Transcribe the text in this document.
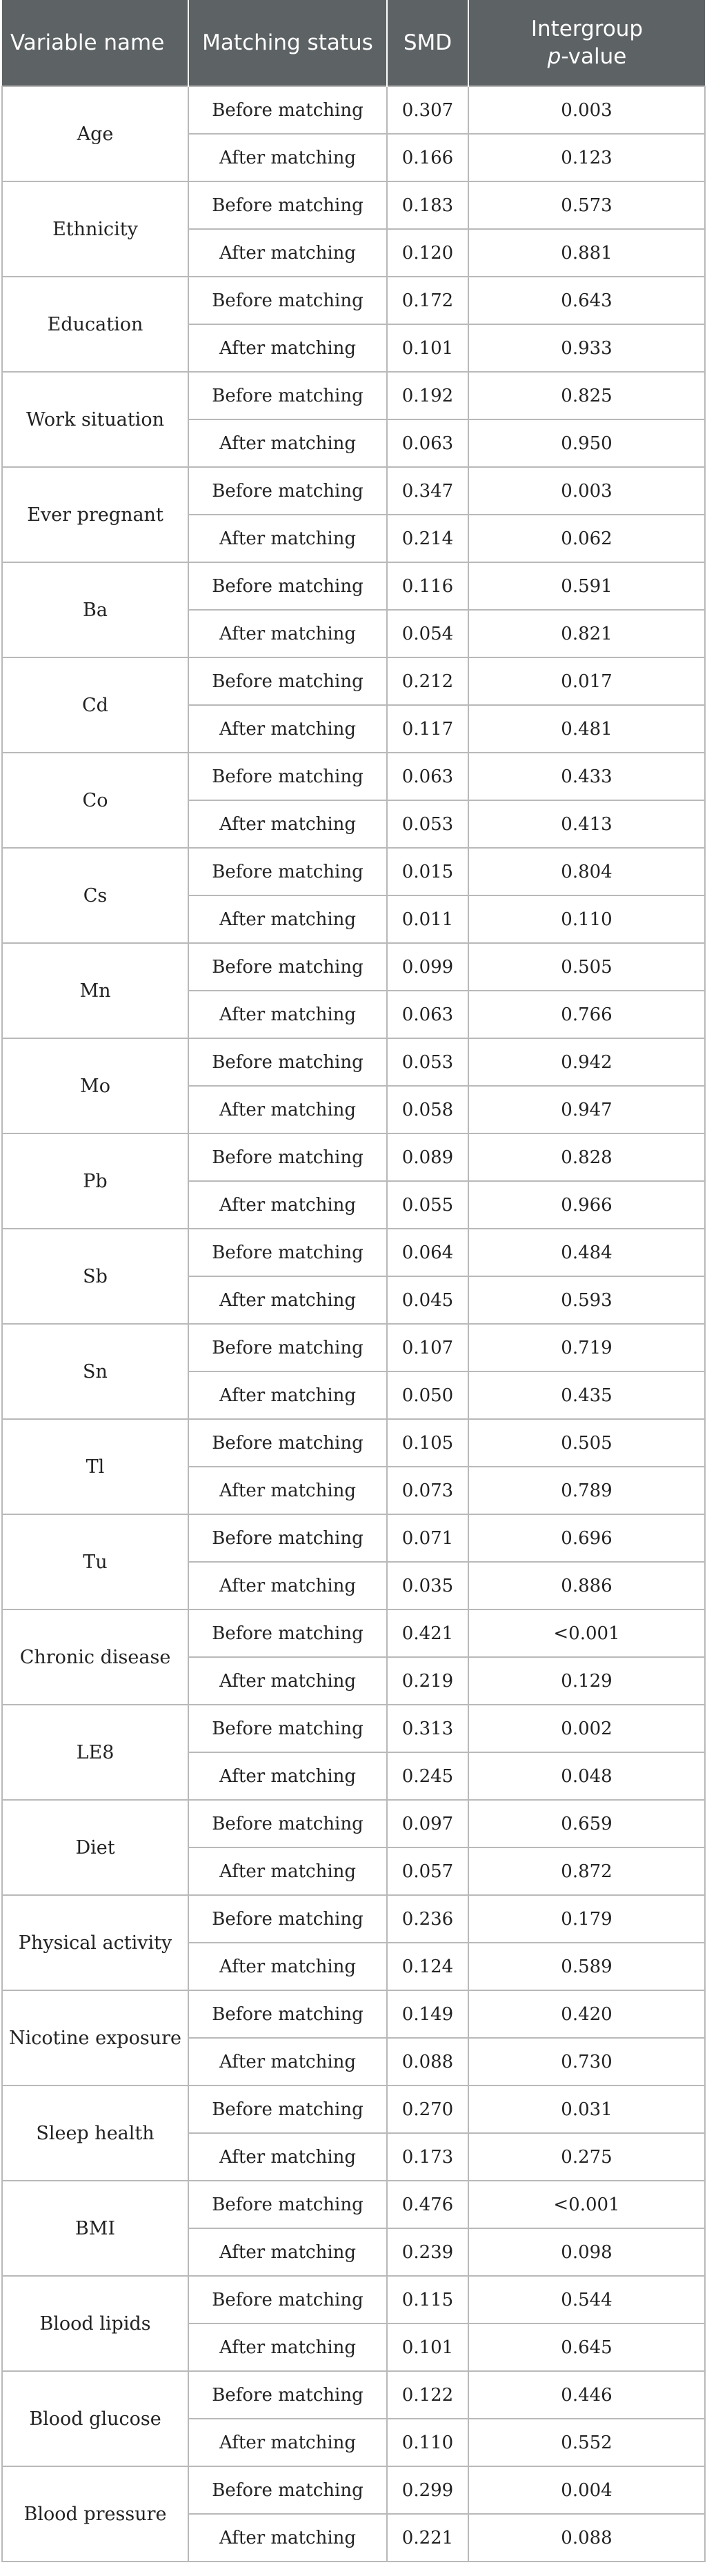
Variable name	Matching status	SMD	Intergroup
p-value
Age	Before matching	0.307	0.003
	After matching	0.166	0.123
Ethnicity	Before matching	0.183	0.573
	After matching	0.120	0.881
Education	Before matching	0.172	0.643
	After matching	0.101	0.933
Work situation	Before matching	0.192	0.825
	After matching	0.063	0.950
Ever pregnant	Before matching	0.347	0.003
	After matching	0.214	0.062
Ba	Before matching	0.116	0.591
	After matching	0.054	0.821
Cd	Before matching	0.212	0.017
	After matching	0.117	0.481
Co	Before matching	0.063	0.433
	After matching	0.053	0.413
Cs	Before matching	0.015	0.804
	After matching	0.011	0.110
Mn	Before matching	0.099	0.505
	After matching	0.063	0.766
Mo	Before matching	0.053	0.942
	After matching	0.058	0.947
Pb	Before matching	0.089	0.828
	After matching	0.055	0.966
Sb	Before matching	0.064	0.484
	After matching	0.045	0.593
Sn	Before matching	0.107	0.719
	After matching	0.050	0.435
Tl	Before matching	0.105	0.505
	After matching	0.073	0.789
Tu	Before matching	0.071	0.696
	After matching	0.035	0.886
Chronic disease	Before matching	0.421	<0.001
	After matching	0.219	0.129
LE8	Before matching	0.313	0.002
	After matching	0.245	0.048
Diet	Before matching	0.097	0.659
	After matching	0.057	0.872
Physical activity	Before matching	0.236	0.179
	After matching	0.124	0.589
Nicotine exposure	Before matching	0.149	0.420
	After matching	0.088	0.730
Sleep health	Before matching	0.270	0.031
	After matching	0.173	0.275
BMI	Before matching	0.476	<0.001
	After matching	0.239	0.098
Blood lipids	Before matching	0.115	0.544
	After matching	0.101	0.645
Blood glucose	Before matching	0.122	0.446
	After matching	0.110	0.552
Blood pressure	Before matching	0.299	0.004
	After matching	0.221	0.088
